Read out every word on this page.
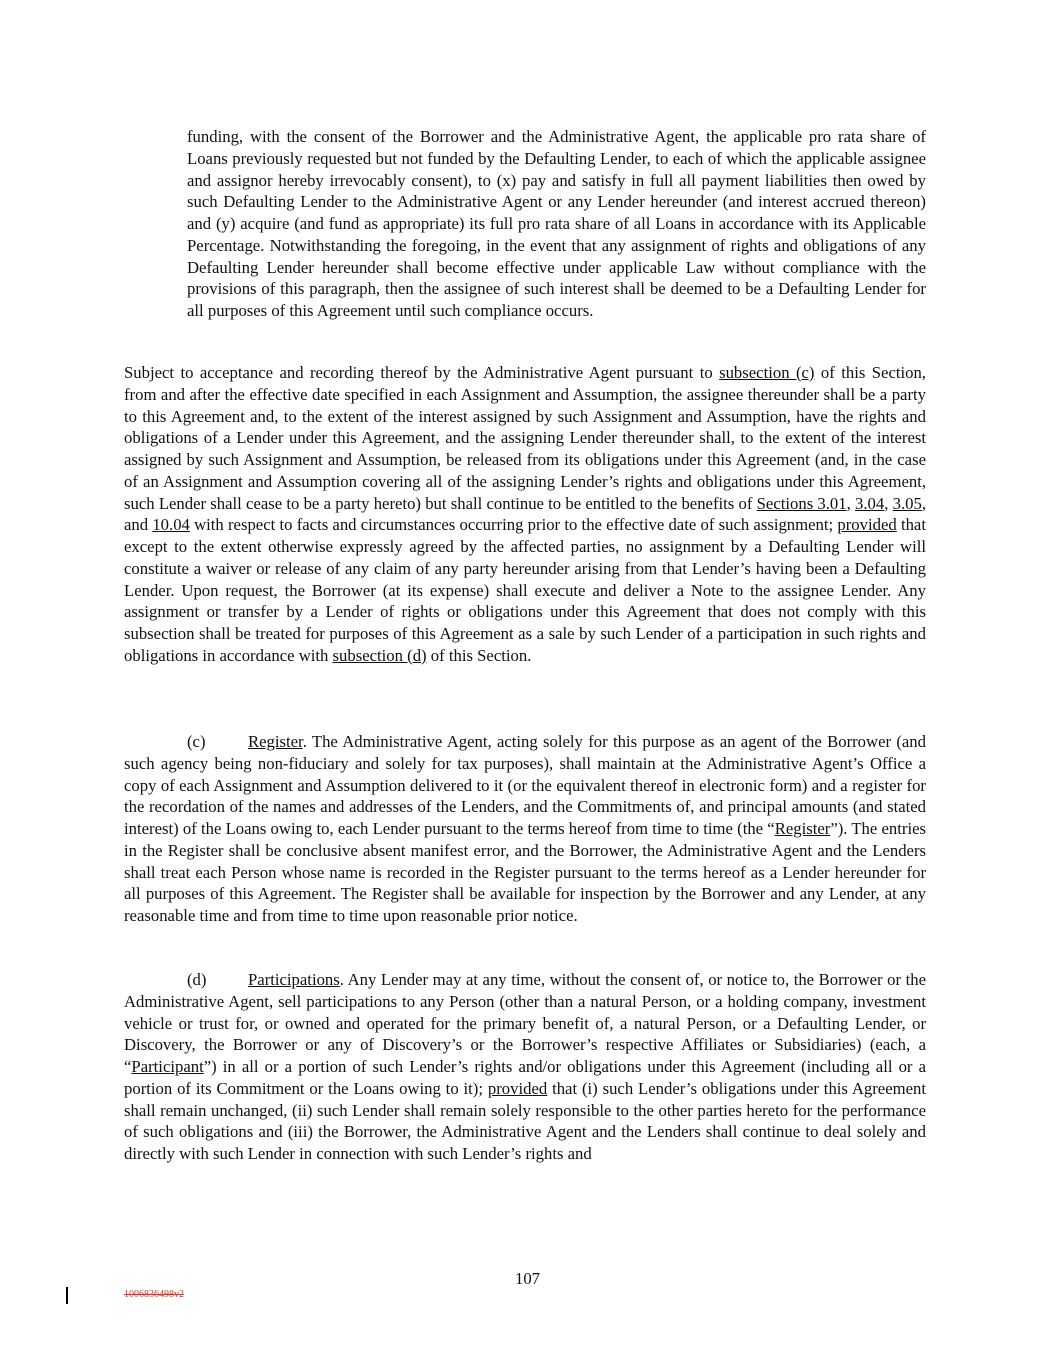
funding, with the consent of the Borrower and the Administrative Agent, the applicable pro rata share of Loans previously requested but not funded by the Defaulting Lender, to each of which the applicable assignee and assignor hereby irrevocably consent), to (x) pay and satisfy in full all payment liabilities then owed by such Defaulting Lender to the Administrative Agent or any Lender hereunder (and interest accrued thereon) and (y) acquire (and fund as appropriate) its full pro rata share of all Loans in accordance with its Applicable Percentage. Notwithstanding the foregoing, in the event that any assignment of rights and obligations of any Defaulting Lender hereunder shall become effective under applicable Law without compliance with the provisions of this paragraph, then the assignee of such interest shall be deemed to be a Defaulting Lender for all purposes of this Agreement until such compliance occurs.

Subject to acceptance and recording thereof by the Administrative Agent pursuant to subsection (c) of this Section, from and after the effective date specified in each Assignment and Assumption, the assignee thereunder shall be a party to this Agreement and, to the extent of the interest assigned by such Assignment and Assumption, have the rights and obligations of a Lender under this Agreement, and the assigning Lender thereunder shall, to the extent of the interest assigned by such Assignment and Assumption, be released from its obligations under this Agreement (and, in the case of an Assignment and Assumption covering all of the assigning Lender’s rights and obligations under this Agreement, such Lender shall cease to be a party hereto) but shall continue to be entitled to the benefits of Sections 3.01, 3.04, 3.05, and 10.04 with respect to facts and circumstances occurring prior to the effective date of such assignment; provided that except to the extent otherwise expressly agreed by the affected parties, no assignment by a Defaulting Lender will constitute a waiver or release of any claim of any party hereunder arising from that Lender’s having been a Defaulting Lender. Upon request, the Borrower (at its expense) shall execute and deliver a Note to the assignee Lender. Any assignment or transfer by a Lender of rights or obligations under this Agreement that does not comply with this subsection shall be treated for purposes of this Agreement as a sale by such Lender of a participation in such rights and obligations in accordance with subsection (d) of this Section.

(c)	Register. The Administrative Agent, acting solely for this purpose as an agent of the Borrower (and such agency being non-fiduciary and solely for tax purposes), shall maintain at the Administrative Agent’s Office a copy of each Assignment and Assumption delivered to it (or the equivalent thereof in electronic form) and a register for the recordation of the names and addresses of the Lenders, and the Commitments of, and principal amounts (and stated interest) of the Loans owing to, each Lender pursuant to the terms hereof from time to time (the “Register”). The entries in the Register shall be conclusive absent manifest error, and the Borrower, the Administrative Agent and the Lenders shall treat each Person whose name is recorded in the Register pursuant to the terms hereof as a Lender hereunder for all purposes of this Agreement. The Register shall be available for inspection by the Borrower and any Lender, at any reasonable time and from time to time upon reasonable prior notice.

(d) Participations. Any Lender may at any time, without the consent of, or notice to, the Borrower or the Administrative Agent, sell participations to any Person (other than a natural Person, or a holding company, investment vehicle or trust for, or owned and operated for the primary benefit of, a natural Person, or a Defaulting Lender, or Discovery, the Borrower or any of Discovery’s or the Borrower’s respective Affiliates or Subsidiaries) (each, a “Participant”) in all or a portion of such Lender’s rights and/or obligations under this Agreement (including all or a portion of its Commitment or the Loans owing to it); provided that (i) such Lender’s obligations under this Agreement shall remain unchanged, (ii) such Lender shall remain solely responsible to the other parties hereto for the performance of such obligations and (iii) the Borrower, the Administrative Agent and the Lenders shall continue to deal solely and directly with such Lender in connection with such Lender’s rights and

107
1006836498v2
